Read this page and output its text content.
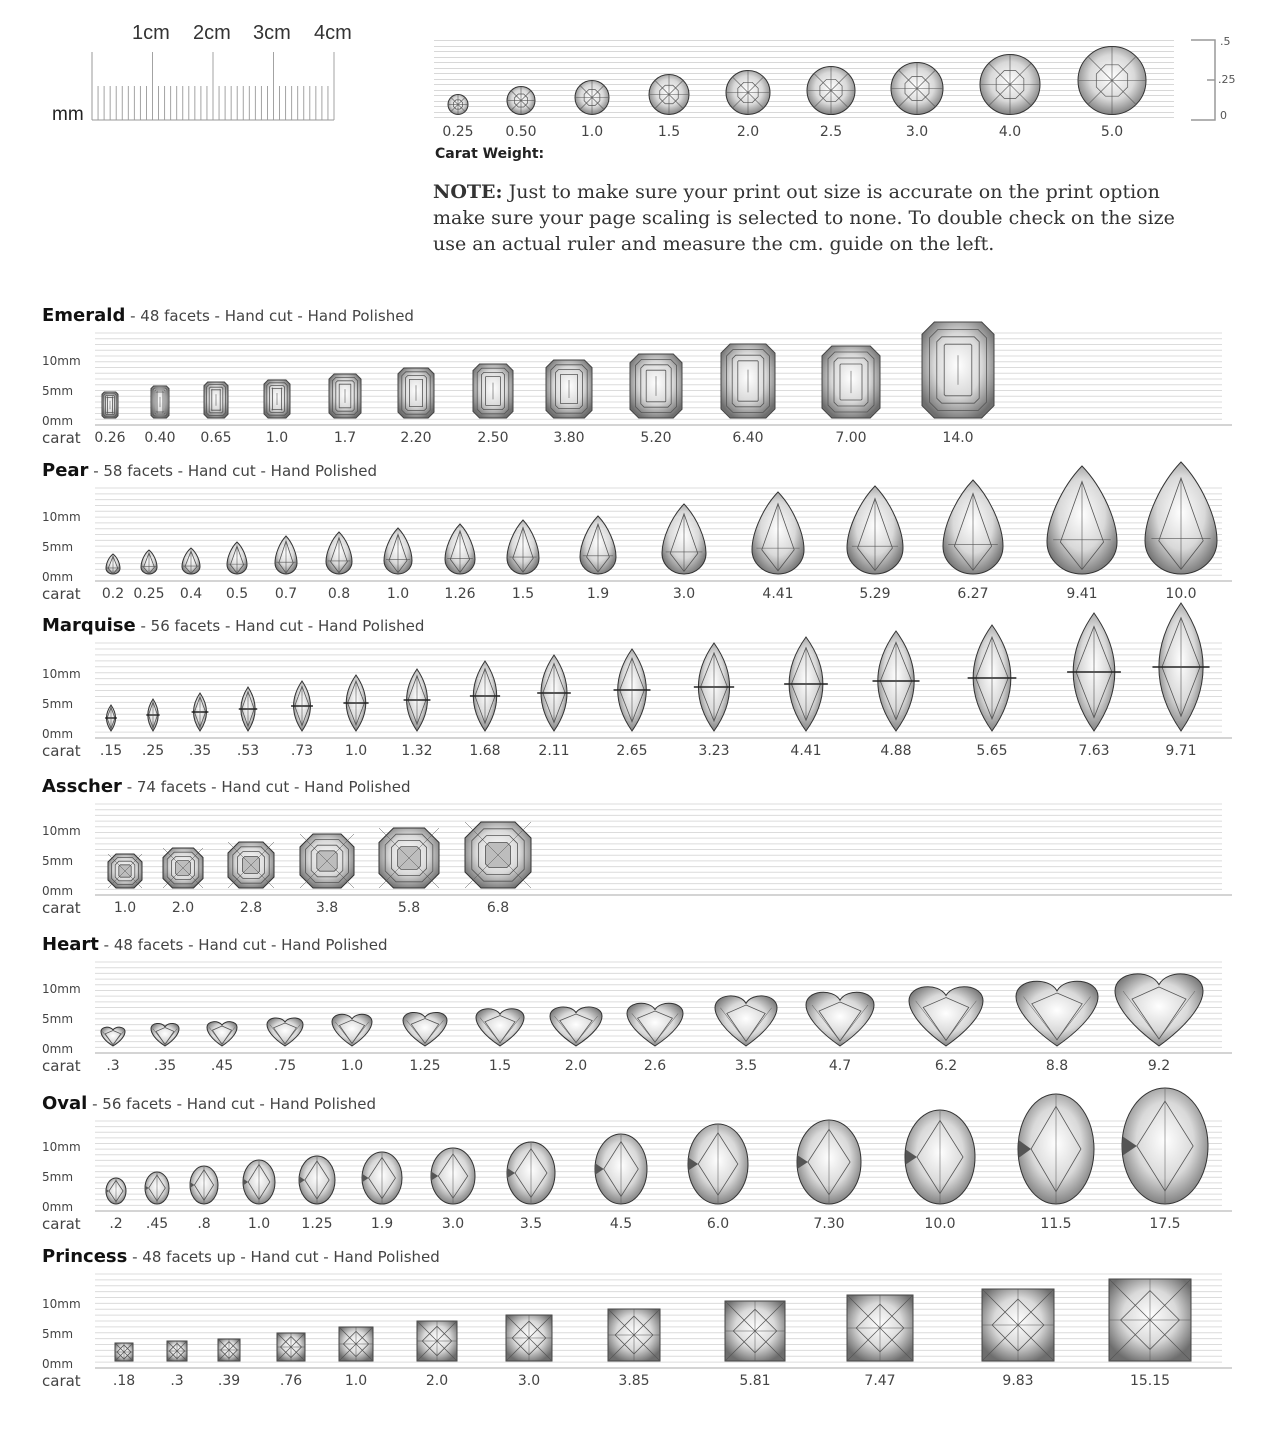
1cm 2cm 3cm 4cm
mm
0.25 0.50	1.0	1.5	2.0	2.5	3.0	4.0	5.0
.5
.25
0
Carat Weight:
NOTE: Just to make sure your print out size is accurate on the print option make sure your page scaling is selected to none. To double check on the size use an actual ruler and measure the cm. guide on the left.
Emerald - 48 facets - Hand cut - Hand Polished
10mm
5mm
0mm
carat 0.26 0.40 0.65 1.0	1.7	2.20	2.50	3.80	5.20	6.40	7.00	14.0
Pear - 58 facets - Hand cut - Hand Polished
10mm
5mm
0mm
carat 0.2 0.25 0.4 0.5 0.7 0.8	1.0	1.26	1.5	1.9	3.0	4.41	5.29	6.27	9.41	10.0
Marquise - 56 facets - Hand cut - Hand Polished
10mm
5mm
0mm
carat .15 .25 .35 .53 .73 1.0 1.32	1.68	2.11	2.65	3.23	4.41	4.88	5.65	7.63	9.71
Asscher - 74 facets - Hand cut - Hand Polished
10mm
5mm
0mm
carat 1.0	2.0	2.8	3.8	5.8	6.8
Heart - 48 facets - Hand cut - Hand Polished
10mm
5mm
0mm
carat .3 .35 .45	.75	1.0	1.25	1.5	2.0	2.6	3.5	4.7	6.2	8.8	9.2
Oval - 56 facets - Hand cut - Hand Polished
10mm
5mm
0mm
carat .2 .45 .8	1.0 1.25	1.9	3.0	3.5	4.5	6.0	7.30	10.0	11.5	17.5
Princess - 48 facets up - Hand cut - Hand Polished
10mm
5mm
0mm
carat .18	.3 .39	.76	1.0	2.0	3.0	3.85	5.81	7.47	9.83	15.15
